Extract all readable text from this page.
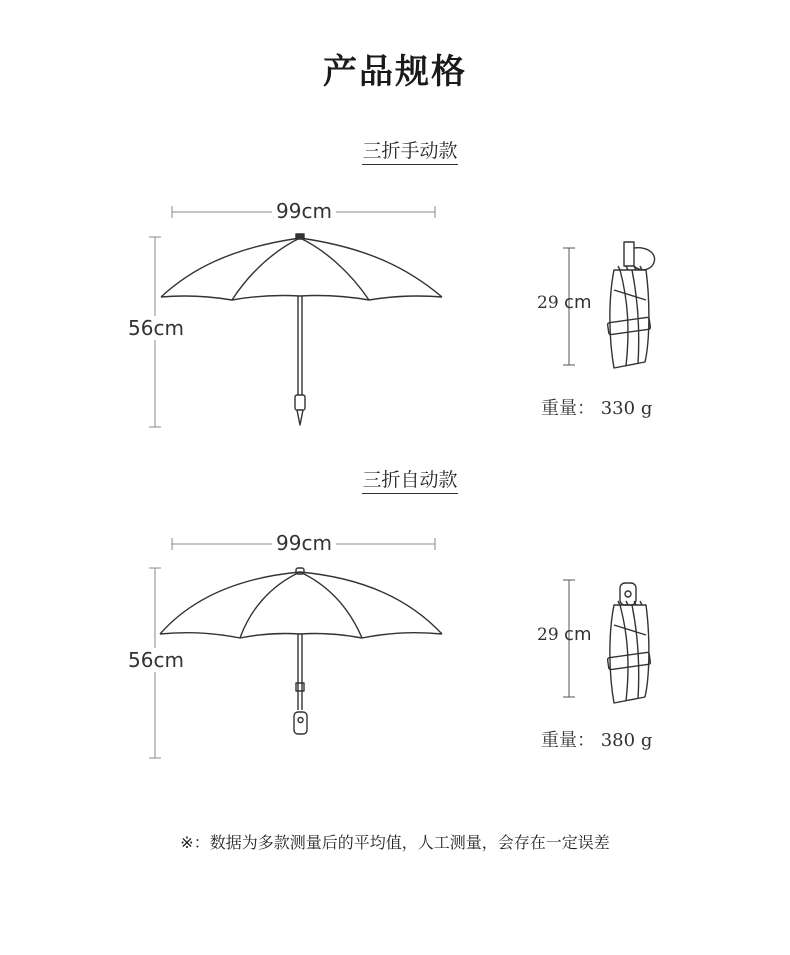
产品规格
三折手动款
99cm
56cm
29 cm
重量： 330 g
三折自动款
99cm
56cm
29 cm
重量： 380 g
※：数据为多款测量后的平均值，人工测量，会存在一定误差
